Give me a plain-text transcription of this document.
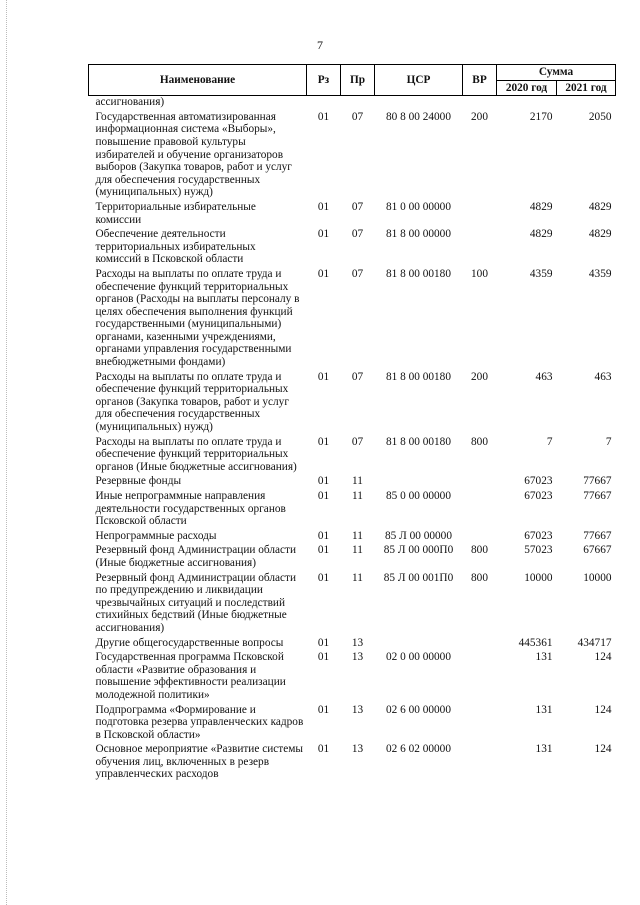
7
Наименование	Рз	Пр	ЦСР	ВР	Сумма	
					2020 год	2021 год
ассигнования)						
Государственная автоматизированная информационная система «Выборы», повышение правовой культуры избирателей и обучение организаторов выборов (Закупка товаров, работ и услуг для обеспечения государственных (муниципальных) нужд)	01	07	80 8 00 24000	200	2170	2050
Территориальные избирательные комиссии	01	07	81 0 00 00000		4829	4829
Обеспечение деятельности территориальных избирательных комиссий в Псковской области	01	07	81 8 00 00000		4829	4829
Расходы на выплаты по оплате труда и обеспечение функций территориальных органов (Расходы на выплаты персоналу в целях обеспечения выполнения функций государственными (муниципальными) органами, казенными учреждениями, органами управления государственными внебюджетными фондами)	01	07	81 8 00 00180	100	4359	4359
Расходы на выплаты по оплате труда и обеспечение функций территориальных органов (Закупка товаров, работ и услуг для обеспечения государственных (муниципальных) нужд)	01	07	81 8 00 00180	200	463	463
Расходы на выплаты по оплате труда и обеспечение функций территориальных органов (Иные бюджетные ассигнования)	01	07	81 8 00 00180	800	7	7
Резервные фонды	01	11			67023	77667
Иные непрограммные направления деятельности государственных органов Псковской области	01	11	85 0 00 00000		67023	77667
Непрограммные расходы	01	11	85 Л 00 00000		67023	77667
Резервный фонд Администрации области (Иные бюджетные ассигнования)	01	11	85 Л 00 000П0	800	57023	67667
Резервный фонд Администрации области по предупреждению и ликвидации чрезвычайных ситуаций и последствий стихийных бедствий (Иные бюджетные ассигнования)	01	11	85 Л 00 001П0	800	10000	10000
Другие общегосударственные вопросы	01	13			445361	434717
Государственная программа Псковской области «Развитие образования и повышение эффективности реализации молодежной политики»	01	13	02 0 00 00000		131	124
Подпрограмма «Формирование и подготовка резерва управленческих кадров в Псковской области»	01	13	02 6 00 00000		131	124
Основное мероприятие «Развитие системы обучения лиц, включенных в резерв управленческих расходов	01	13	02 6 02 00000		131	124
